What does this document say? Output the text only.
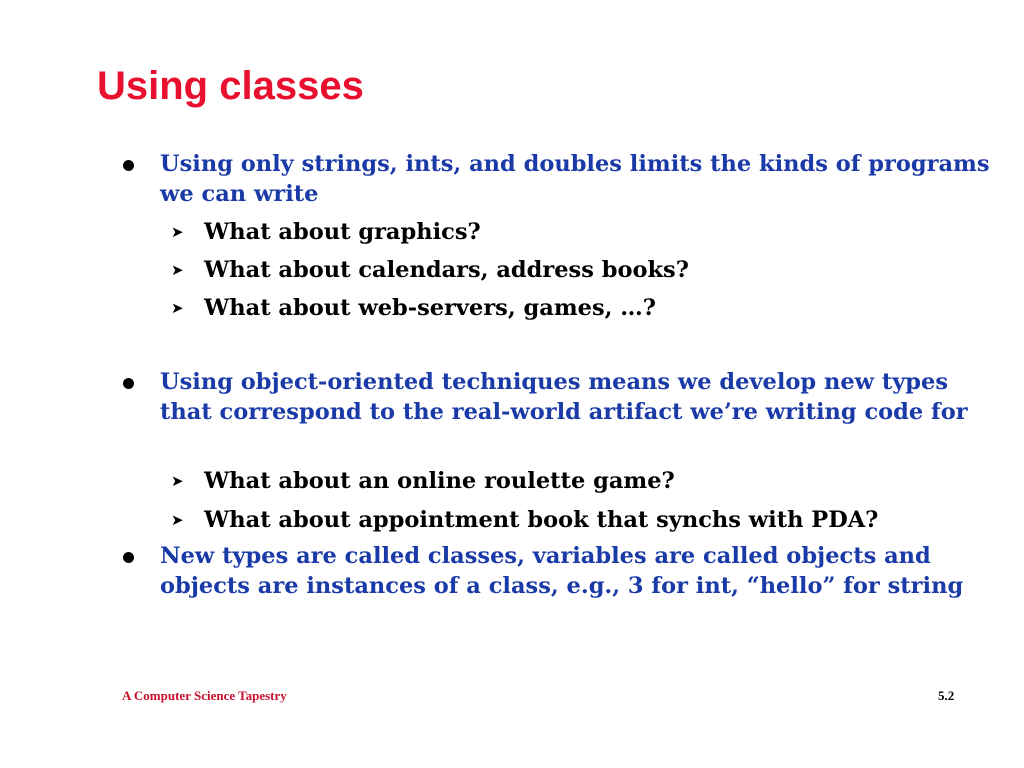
Using classes
Using only strings, ints, and doubles limits the kinds of programs we can write
➤ What about graphics?
➤ What about calendars, address books?
➤ What about web-servers, games, …?
Using object-oriented techniques means we develop new types that correspond to the real-world artifact we’re writing code for
➤ What about an online roulette game?
➤ What about appointment book that synchs with PDA?
New types are called classes, variables are called objects and objects are instances of a class, e.g., 3 for int, “hello” for string
A Computer Science Tapestry	5.2
